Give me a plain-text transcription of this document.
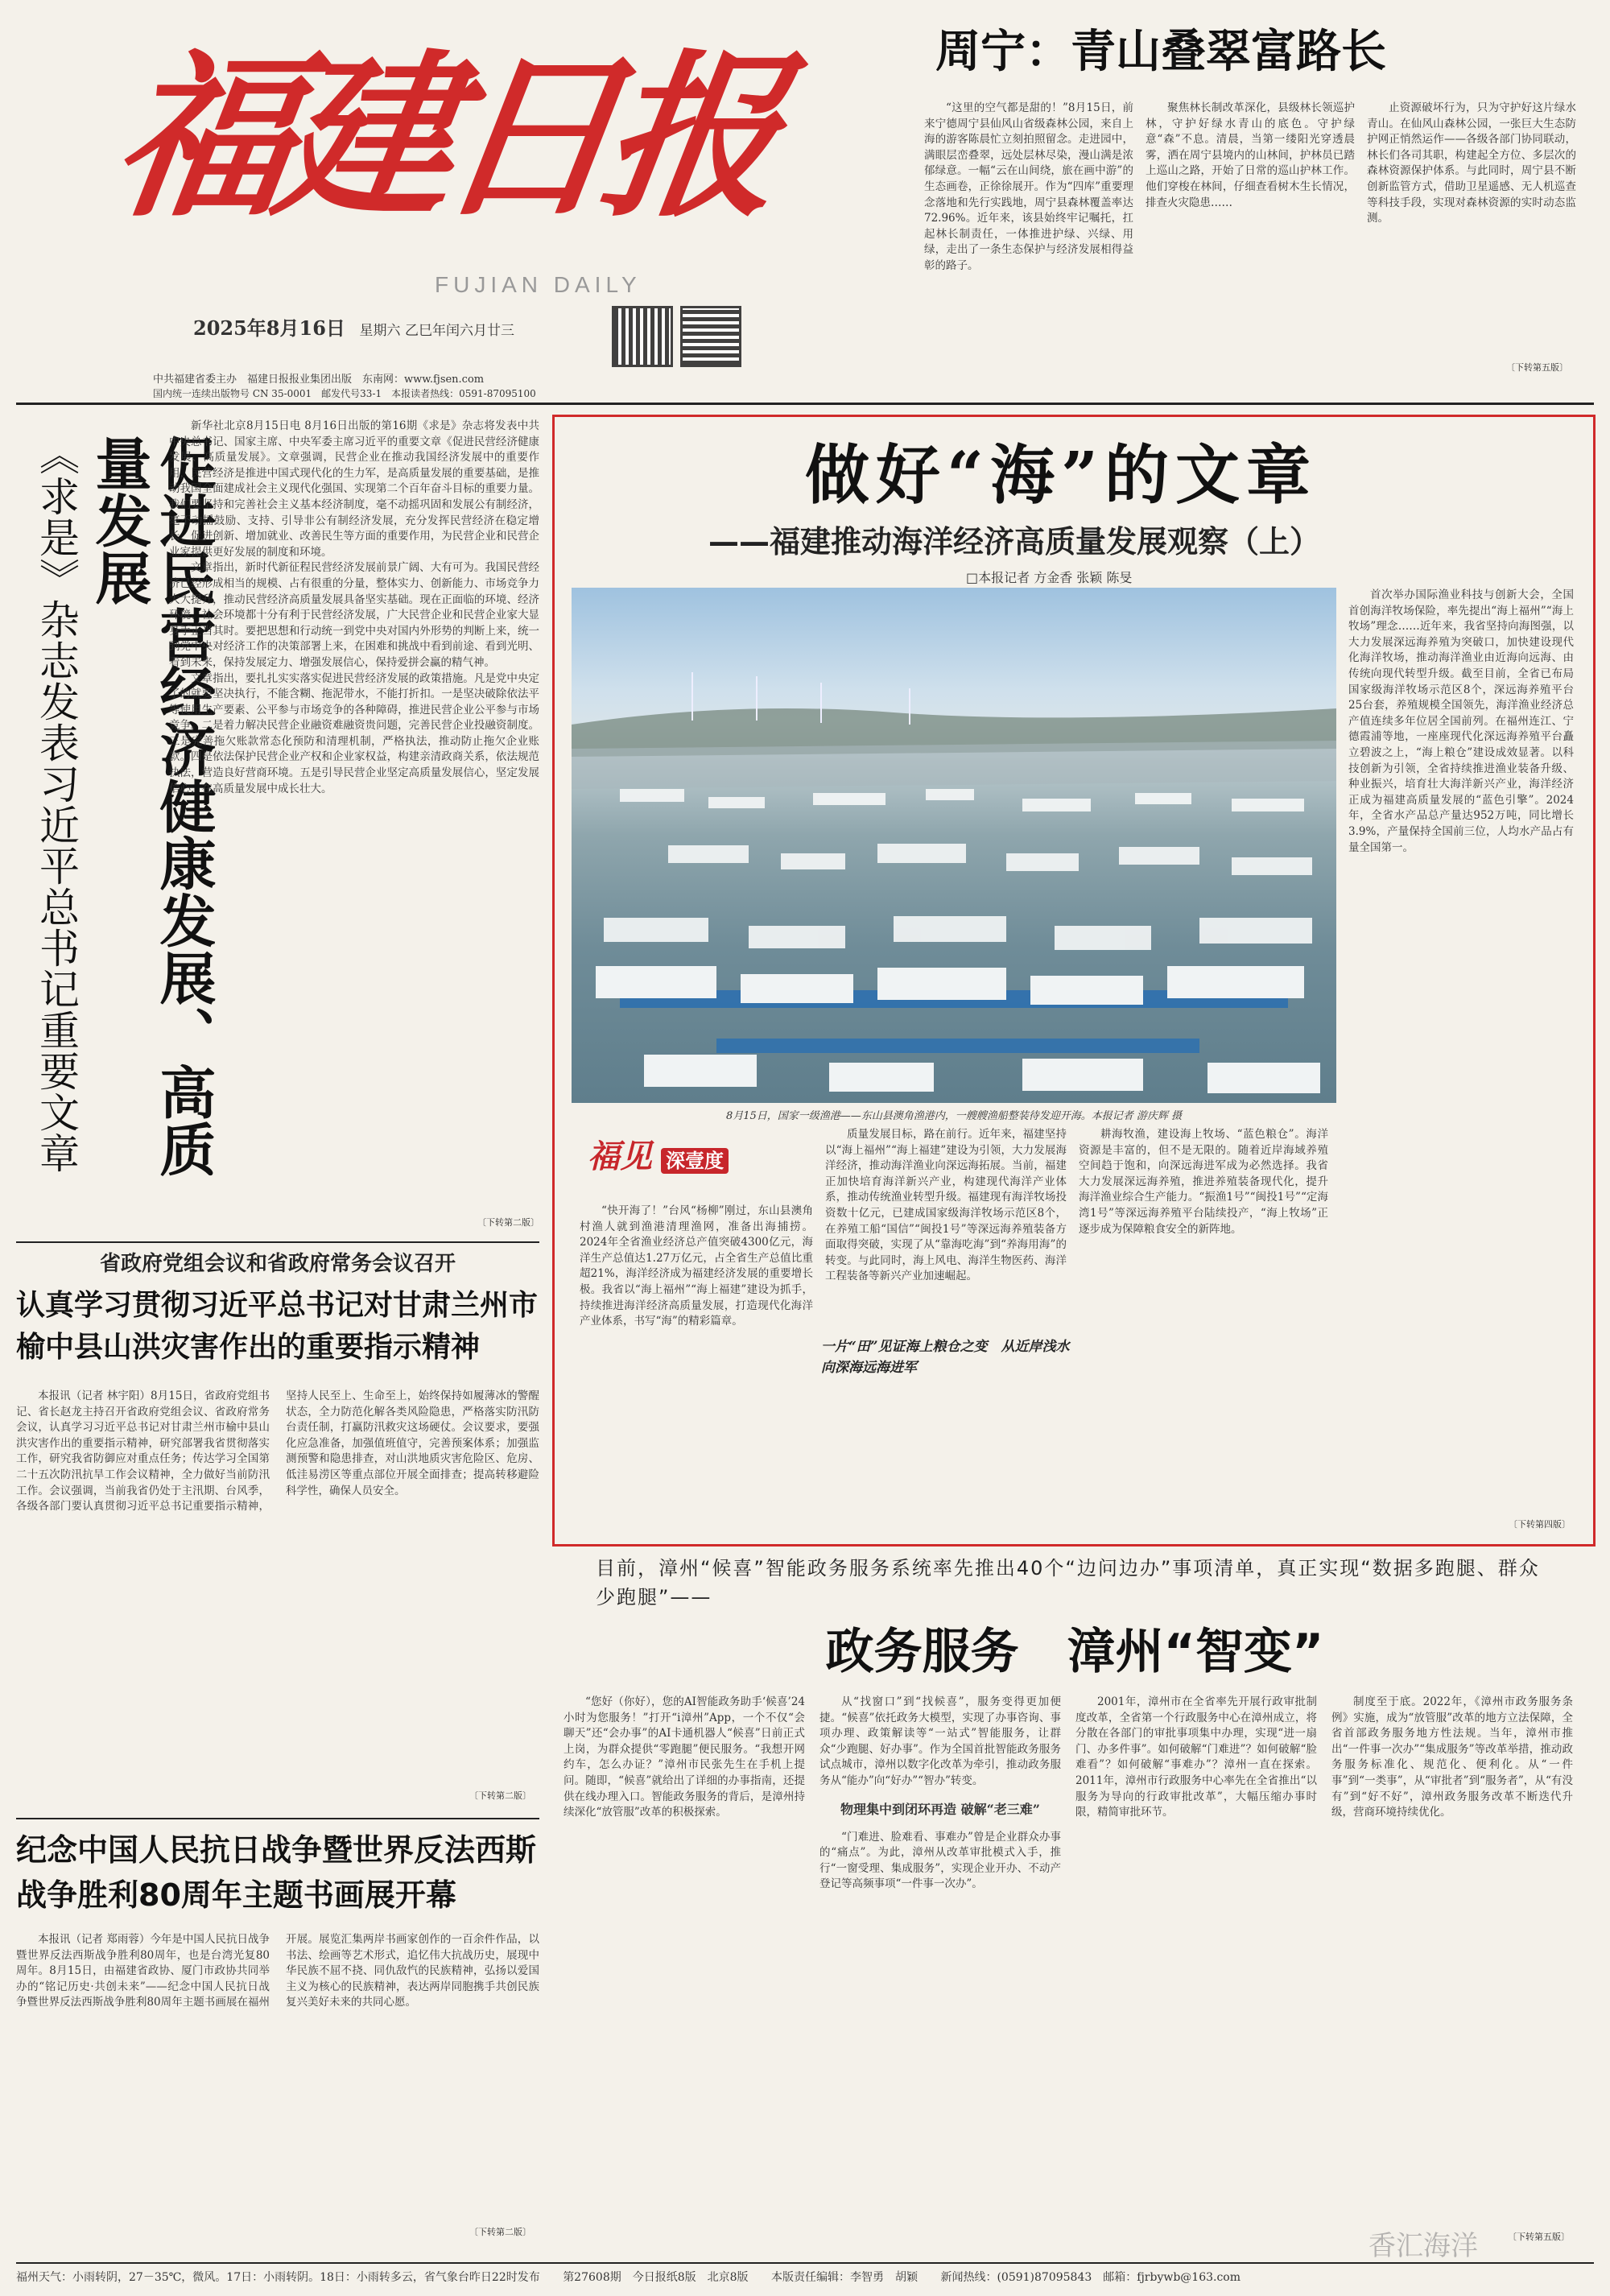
福建日报
FUJIAN DAILY
2025年8月16日 星期六 乙巳年闰六月廿三
中共福建省委主办　福建日报报业集团出版　东南网：www.fjsen.com
国内统一连续出版物号 CN 35-0001　邮发代号33-1　本报读者热线：0591-87095100
周宁：青山叠翠富路长

“这里的空气都是甜的！”8月15日，前来宁德周宁县仙风山省级森林公园，来自上海的游客陈晨忙立刻拍照留念。走进园中，满眼层峦叠翠，远处层林尽染，漫山满是浓郁绿意。一幅“云在山间绕，旅在画中游”的生态画卷，正徐徐展开。作为“四库”重要理念落地和先行实践地，周宁县森林覆盖率达72.96%。近年来，该县始终牢记嘱托，扛起林长制责任，一体推进护绿、兴绿、用绿，走出了一条生态保护与经济发展相得益彰的路子。

聚焦林长制改革深化，县级林长领巡护林，守护好绿水青山的底色。守护绿意“森”不息。清晨，当第一缕阳光穿透晨雾，洒在周宁县境内的山林间，护林员已踏上巡山之路，开始了日常的巡山护林工作。他们穿梭在林间，仔细查看树木生长情况，排查火灾隐患……

止资源破坏行为，只为守护好这片绿水青山。在仙风山森林公园，一张巨大生态防护网正悄然运作——各级各部门协同联动，林长们各司其职，构建起全方位、多层次的森林资源保护体系。与此同时，周宁县不断创新监管方式，借助卫星遥感、无人机巡查等科技手段，实现对森林资源的实时动态监测。

〔下转第五版〕
促进民营经济健康发展、高质量发展
《求是》杂志发表习近平总书记重要文章

新华社北京8月15日电 8月16日出版的第16期《求是》杂志将发表中共中央总书记、国家主席、中央军委主席习近平的重要文章《促进民营经济健康发展、高质量发展》。文章强调，民营企业在推动我国经济发展中的重要作用，民营经济是推进中国式现代化的生力军，是高质量发展的重要基础，是推动我国全面建成社会主义现代化强国、实现第二个百年奋斗目标的重要力量。我们要坚持和完善社会主义基本经济制度，毫不动摇巩固和发展公有制经济，毫不动摇鼓励、支持、引导非公有制经济发展，充分发挥民营经济在稳定增长、促进创新、增加就业、改善民生等方面的重要作用，为民营企业和民营企业家提供更好发展的制度和环境。

文章指出，新时代新征程民营经济发展前景广阔、大有可为。我国民营经济已经形成相当的规模、占有很重的分量，整体实力、创新能力、市场竞争力大大提升，推动民营经济高质量发展具备坚实基础。现在正面临的环境、经济环境、社会环境都十分有利于民营经济发展，广大民营企业和民营企业家大显身手正当其时。要把思想和行动统一到党中央对国内外形势的判断上来，统一到党中央对经济工作的决策部署上来，在困难和挑战中看到前途、看到光明、看到未来，保持发展定力、增强发展信心，保持爱拼会赢的精气神。

文章指出，要扎扎实实落实促进民营经济发展的政策措施。凡是党中央定了的就要坚决执行，不能含糊、拖泥带水，不能打折扣。一是坚决破除依法平等使用生产要素、公平参与市场竞争的各种障碍，推进民营企业公平参与市场竞争。二是着力解决民营企业融资难融资贵问题，完善民营企业投融资制度。三是完善拖欠账款常态化预防和清理机制，严格执法，推动防止拖欠企业账款。四是依法保护民营企业产权和企业家权益，构建亲清政商关系，依法规范执法，营造良好营商环境。五是引导民营企业坚定高质量发展信心，坚定发展信心，在高质量发展中成长壮大。

〔下转第二版〕
省政府党组会议和省政府常务会议召开
认真学习贯彻习近平总书记对甘肃兰州市榆中县山洪灾害作出的重要指示精神

本报讯（记者 林宇阳）8月15日，省政府党组书记、省长赵龙主持召开省政府党组会议、省政府常务会议，认真学习习近平总书记对甘肃兰州市榆中县山洪灾害作出的重要指示精神，研究部署我省贯彻落实工作，研究我省防御应对重点任务；传达学习全国第二十五次防汛抗旱工作会议精神，全力做好当前防汛工作。会议强调，当前我省仍处于主汛期、台风季，各级各部门要认真贯彻习近平总书记重要指示精神，坚持人民至上、生命至上，始终保持如履薄冰的警醒状态，全力防范化解各类风险隐患，严格落实防汛防台责任制，打赢防汛救灾这场硬仗。会议要求，要强化应急准备，加强值班值守，完善预案体系；加强监测预警和隐患排查，对山洪地质灾害危险区、危房、低洼易涝区等重点部位开展全面排查；提高转移避险科学性，确保人员安全。

〔下转第二版〕
纪念中国人民抗日战争暨世界反法西斯战争胜利80周年主题书画展开幕

本报讯（记者 郑雨蓉）今年是中国人民抗日战争暨世界反法西斯战争胜利80周年，也是台湾光复80周年。8月15日，由福建省政协、厦门市政协共同举办的“铭记历史·共创未来”——纪念中国人民抗日战争暨世界反法西斯战争胜利80周年主题书画展在福州开展。展览汇集两岸书画家创作的一百余件作品，以书法、绘画等艺术形式，追忆伟大抗战历史，展现中华民族不屈不挠、同仇敌忾的民族精神，弘扬以爱国主义为核心的民族精神，表达两岸同胞携手共创民族复兴美好未来的共同心愿。

〔下转第二版〕
做好“海”的文章
——福建推动海洋经济高质量发展观察（上）
□本报记者 方金香 张颖 陈旻
8月15日，国家一级渔港——东山县澳角渔港内，一艘艘渔船整装待发迎开海。本报记者 游庆辉 摄

首次举办国际渔业科技与创新大会，全国首创海洋牧场保险，率先提出“海上福州”“海上牧场”理念……近年来，我省坚持向海图强，以大力发展深远海养殖为突破口，加快建设现代化海洋牧场，推动海洋渔业由近海向远海、由传统向现代转型升级。截至目前，全省已布局国家级海洋牧场示范区8个，深远海养殖平台25台套，养殖规模全国领先，海洋渔业经济总产值连续多年位居全国前列。在福州连江、宁德霞浦等地，一座座现代化深远海养殖平台矗立碧波之上，“海上粮仓”建设成效显著。以科技创新为引领，全省持续推进渔业装备升级、种业振兴，培育壮大海洋新兴产业，海洋经济正成为福建高质量发展的“蓝色引擎”。2024年，全省水产品总产量达952万吨，同比增长3.9%，产量保持全国前三位，人均水产品占有量全国第一。

福见 深壹度

“快开海了！”台风“杨柳”刚过，东山县澳角村渔人就到渔港清理渔网，准备出海捕捞。2024年全省渔业经济总产值突破4300亿元，海洋生产总值达1.27万亿元，占全省生产总值比重超21%，海洋经济成为福建经济发展的重要增长极。我省以“海上福州”“海上福建”建设为抓手，持续推进海洋经济高质量发展，打造现代化海洋产业体系，书写“海”的精彩篇章。

质量发展目标，路在前行。近年来，福建坚持以“海上福州”“海上福建”建设为引领，大力发展海洋经济，推动海洋渔业向深远海拓展。当前，福建正加快培育海洋新兴产业，构建现代海洋产业体系，推动传统渔业转型升级。福建现有海洋牧场投资数十亿元，已建成国家级海洋牧场示范区8个，在养殖工船“国信”“闽投1号”等深远海养殖装备方面取得突破，实现了从“靠海吃海”到“养海用海”的转变。与此同时，海上风电、海洋生物医药、海洋工程装备等新兴产业加速崛起。

一片“田”见证海上粮仓之变　从近岸浅水向深海远海进军

耕海牧渔，建设海上牧场、“蓝色粮仓”。海洋资源是丰富的，但不是无限的。随着近岸海域养殖空间趋于饱和，向深远海进军成为必然选择。我省大力发展深远海养殖，推进养殖装备现代化，提升海洋渔业综合生产能力。“振渔1号”“闽投1号”“定海湾1号”等深远海养殖平台陆续投产，“海上牧场”正逐步成为保障粮食安全的新阵地。

〔下转第四版〕
目前，漳州“候喜”智能政务服务系统率先推出40个“边问边办”事项清单，真正实现“数据多跑腿、群众少跑腿”——
政务服务　漳州“智变”

“您好（你好），您的AI智能政务助手‘候喜’24小时为您服务！”打开“i漳州”App，一个不仅“会聊天”还“会办事”的AI卡通机器人“候喜”日前正式上岗，为群众提供“零跑腿”便民服务。“我想开网约车，怎么办证？”漳州市民张先生在手机上提问。随即，“候喜”就给出了详细的办事指南，还提供在线办理入口。智能政务服务的背后，是漳州持续深化“放管服”改革的积极探索。

从“找窗口”到“找候喜”，服务变得更加便捷。“候喜”依托政务大模型，实现了办事咨询、事项办理、政策解读等“一站式”智能服务，让群众“少跑腿、好办事”。作为全国首批智能政务服务试点城市，漳州以数字化改革为牵引，推动政务服务从“能办”向“好办”“智办”转变。

物理集中到闭环再造 破解“老三难”

“门难进、脸难看、事难办”曾是企业群众办事的“痛点”。为此，漳州从改革审批模式入手，推行“一窗受理、集成服务”，实现企业开办、不动产登记等高频事项“一件事一次办”。

2001年，漳州市在全省率先开展行政审批制度改革，全省第一个行政服务中心在漳州成立，将分散在各部门的审批事项集中办理，实现“进一扇门、办多件事”。如何破解“门难进”？如何破解“脸难看”？如何破解“事难办”？漳州一直在探索。2011年，漳州市行政服务中心率先在全省推出“以服务为导向的行政审批改革”，大幅压缩办事时限，精简审批环节。

制度至于底。2022年，《漳州市政务服务条例》实施，成为“放管服”改革的地方立法保障，全省首部政务服务地方性法规。当年，漳州市推出“一件事一次办”“集成服务”等改革举措，推动政务服务标准化、规范化、便利化。从“一件事”到“一类事”，从“审批者”到“服务者”，从“有没有”到“好不好”，漳州政务服务改革不断迭代升级，营商环境持续优化。

〔下转第五版〕
香汇海洋
福州天气：小雨转阴，27－35℃，微风。17日：小雨转阴。18日：小雨转多云，省气象台昨日22时发布 第27608期　今日报纸8版　北京8版 本版责任编辑：李智勇　胡颖 新闻热线：(0591)87095843　邮箱：fjrbywb@163.com
